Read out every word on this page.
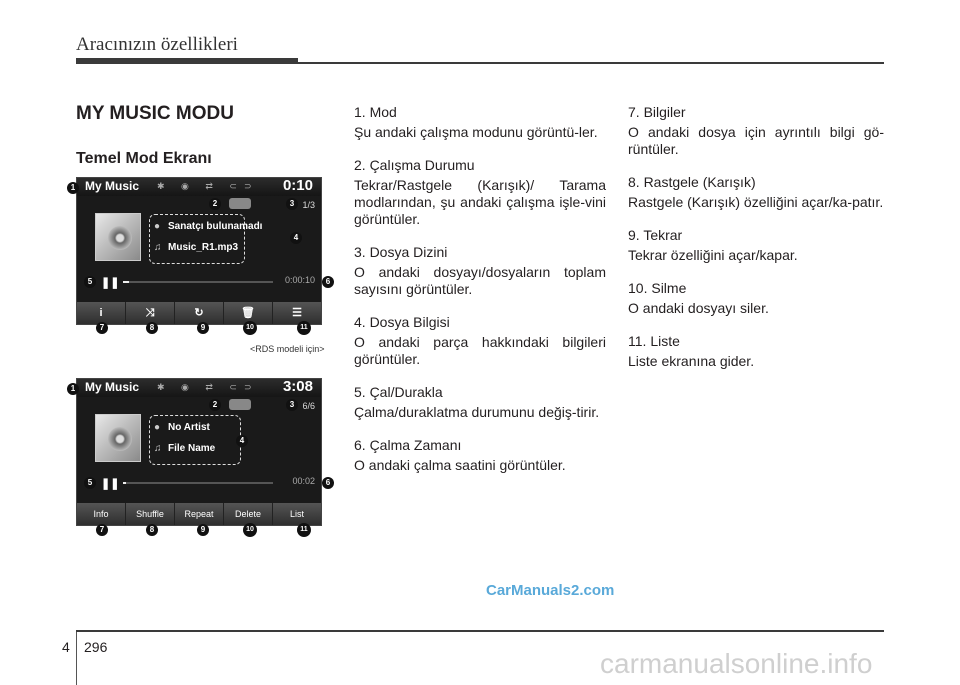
Aracınızın özellikleri
MY MUSIC MODU
Temel Mod Ekranı
My Music ✱ ◉ ⇄ ⊂⊃ 0:10
1/3
● Sanatçı bulunamadı
♫ Music_R1.mp3
❚❚	0:00:10
i	⤨	↻	🗑	☰
1
2	3
4
5	6
7	8	9	10	11
<RDS modeli için>
My Music ✱ ◉ ⇄ ⊂⊃ 3:08
6/6
● No Artist
♫ File Name
❚❚	00:02
Info	Shuffle	Repeat	Delete	List
1
2	3
4
5	6
7	8	9	10	11
1. Mod
Şu andaki çalışma modunu görüntü-ler.
2. Çalışma Durumu
Tekrar/Rastgele (Karışık)/ Tarama modlarından, şu andaki çalışma işle-vini görüntüler.
3. Dosya Dizini
O andaki dosyayı/dosyaların toplam sayısını görüntüler.
4. Dosya Bilgisi
O andaki parça hakkındaki bilgileri görüntüler.
5. Çal/Durakla
Çalma/duraklatma durumunu değiş-tirir.
6. Çalma Zamanı
O andaki çalma saatini görüntüler.
7. Bilgiler
O andaki dosya için ayrıntılı bilgi gö-rüntüler.
8. Rastgele (Karışık)
Rastgele (Karışık) özelliğini açar/ka-patır.
9. Tekrar
Tekrar özelliğini açar/kapar.
10. Silme
O andaki dosyayı siler.
11. Liste
Liste ekranına gider.
CarManuals2.com
4 296
carmanualsonline.info
